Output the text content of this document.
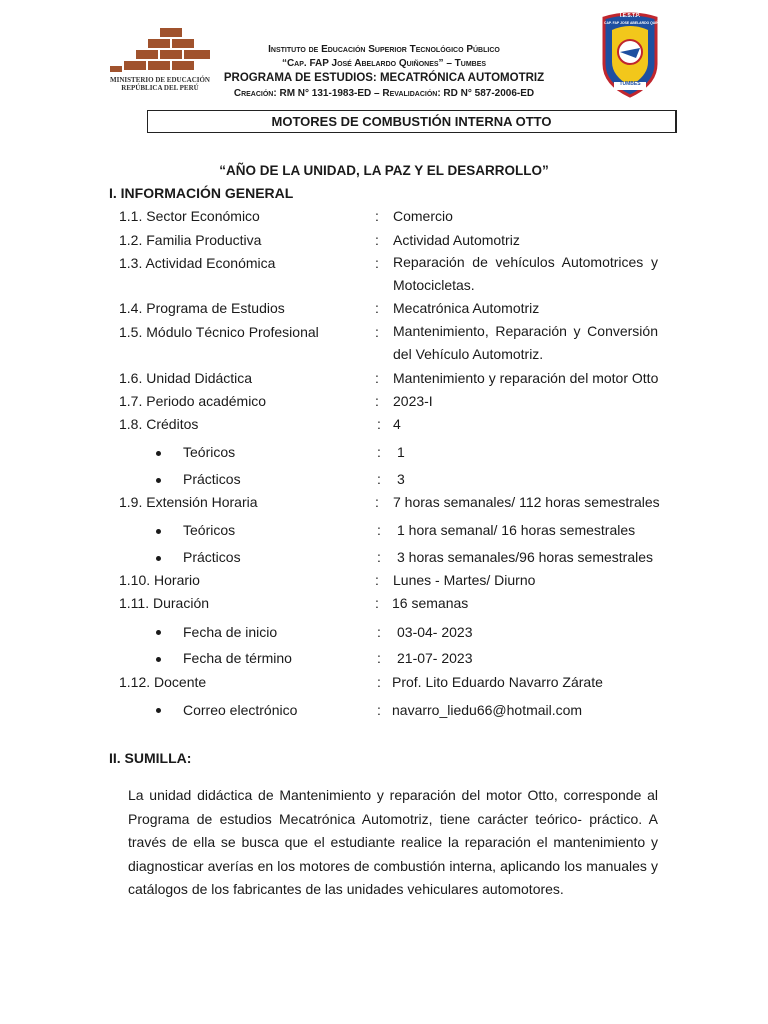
MINISTERIO DE EDUCACIÓN
REPÚBLICA DEL PERÚ
Instituto de Educación Superior Tecnológico Público
“Cap. FAP José Abelardo Quiñones” – Tumbes
PROGRAMA DE ESTUDIOS: MECATRÓNICA AUTOMOTRIZ
Creación: RM N° 131-1983-ED – Revalidación: RD N° 587-2006-ED
I.E.S.T.P.
CAP. FAP JOSE ABELARDO QUIÑONES
TUMBES
MOTORES DE COMBUSTIÓN INTERNA OTTO
“AÑO DE LA UNIDAD, LA PAZ Y EL DESARROLLO”
I. INFORMACIÓN GENERAL
1.1. Sector Económico	: Comercio
1.2. Familia Productiva	: Actividad Automotriz
1.3. Actividad Económica	: Reparación de vehículos Automotrices y
Motocicletas.
1.4. Programa de Estudios	: Mecatrónica Automotriz
1.5. Módulo Técnico Profesional	: Mantenimiento, Reparación y Conversión
del Vehículo Automotriz.
1.6. Unidad Didáctica	: Mantenimiento y reparación del motor Otto
1.7. Periodo académico	: 2023-I
1.8. Créditos	: 4
Teóricos	: 1
Prácticos	: 3
1.9. Extensión Horaria	: 7 horas semanales/ 112 horas semestrales
Teóricos	: 1 hora semanal/ 16 horas semestrales
Prácticos	: 3 horas semanales/96 horas semestrales
1.10. Horario	: Lunes - Martes/ Diurno
1.11. Duración	: 16 semanas
Fecha de inicio	: 03-04- 2023
Fecha de término	: 21-07- 2023
1.12. Docente	: Prof. Lito Eduardo Navarro Zárate
Correo electrónico	: navarro_liedu66@hotmail.com
II. SUMILLA:
La unidad didáctica de Mantenimiento y reparación del motor Otto, corresponde al Programa de estudios Mecatrónica Automotriz, tiene carácter teórico- práctico. A través de ella se busca que el estudiante realice la reparación el mantenimiento y diagnosticar averías en los motores de combustión interna, aplicando los manuales y catálogos de los fabricantes de las unidades vehiculares automotores.
